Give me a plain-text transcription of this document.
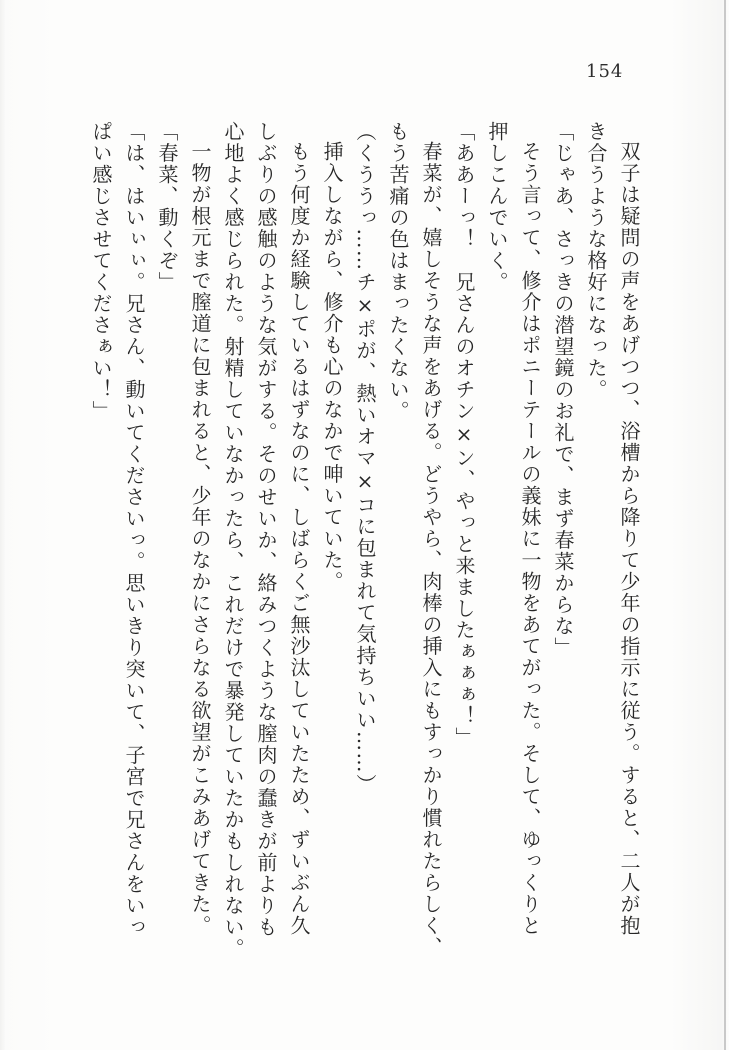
154
双子は疑問の声をあげつつ、浴槽から降りて少年の指示に従う。すると、二人が抱
き合うような格好になった。
「じゃあ、さっきの潜望鏡のお礼で、まず春菜からな」
そう言って、修介はポニーテールの義妹に一物をあてがった。そして、ゆっくりと
押しこんでいく。
「ああーっ！　兄さんのオチン×ン、やっと来ましたぁぁぁ！」
春菜が、嬉しそうな声をあげる。どうやら、肉棒の挿入にもすっかり慣れたらしく、
もう苦痛の色はまったくない。
（くううっ……チ×ポが、熱いオマ×コに包まれて気持ちいい……）
挿入しながら、修介も心のなかで呻いていた。
もう何度か経験しているはずなのに、しばらくご無沙汰していたため、ずいぶん久
しぶりの感触のような気がする。そのせいか、絡みつくような膣肉の蠢きが前よりも
心地よく感じられた。射精していなかったら、これだけで暴発していたかもしれない。
一物が根元まで膣道に包まれると、少年のなかにさらなる欲望がこみあげてきた。
「春菜、動くぞ」
「は、はいぃぃ。兄さん、動いてくださいっ。思いきり突いて、子宮で兄さんをいっ
ぱい感じさせてくださぁい！」
